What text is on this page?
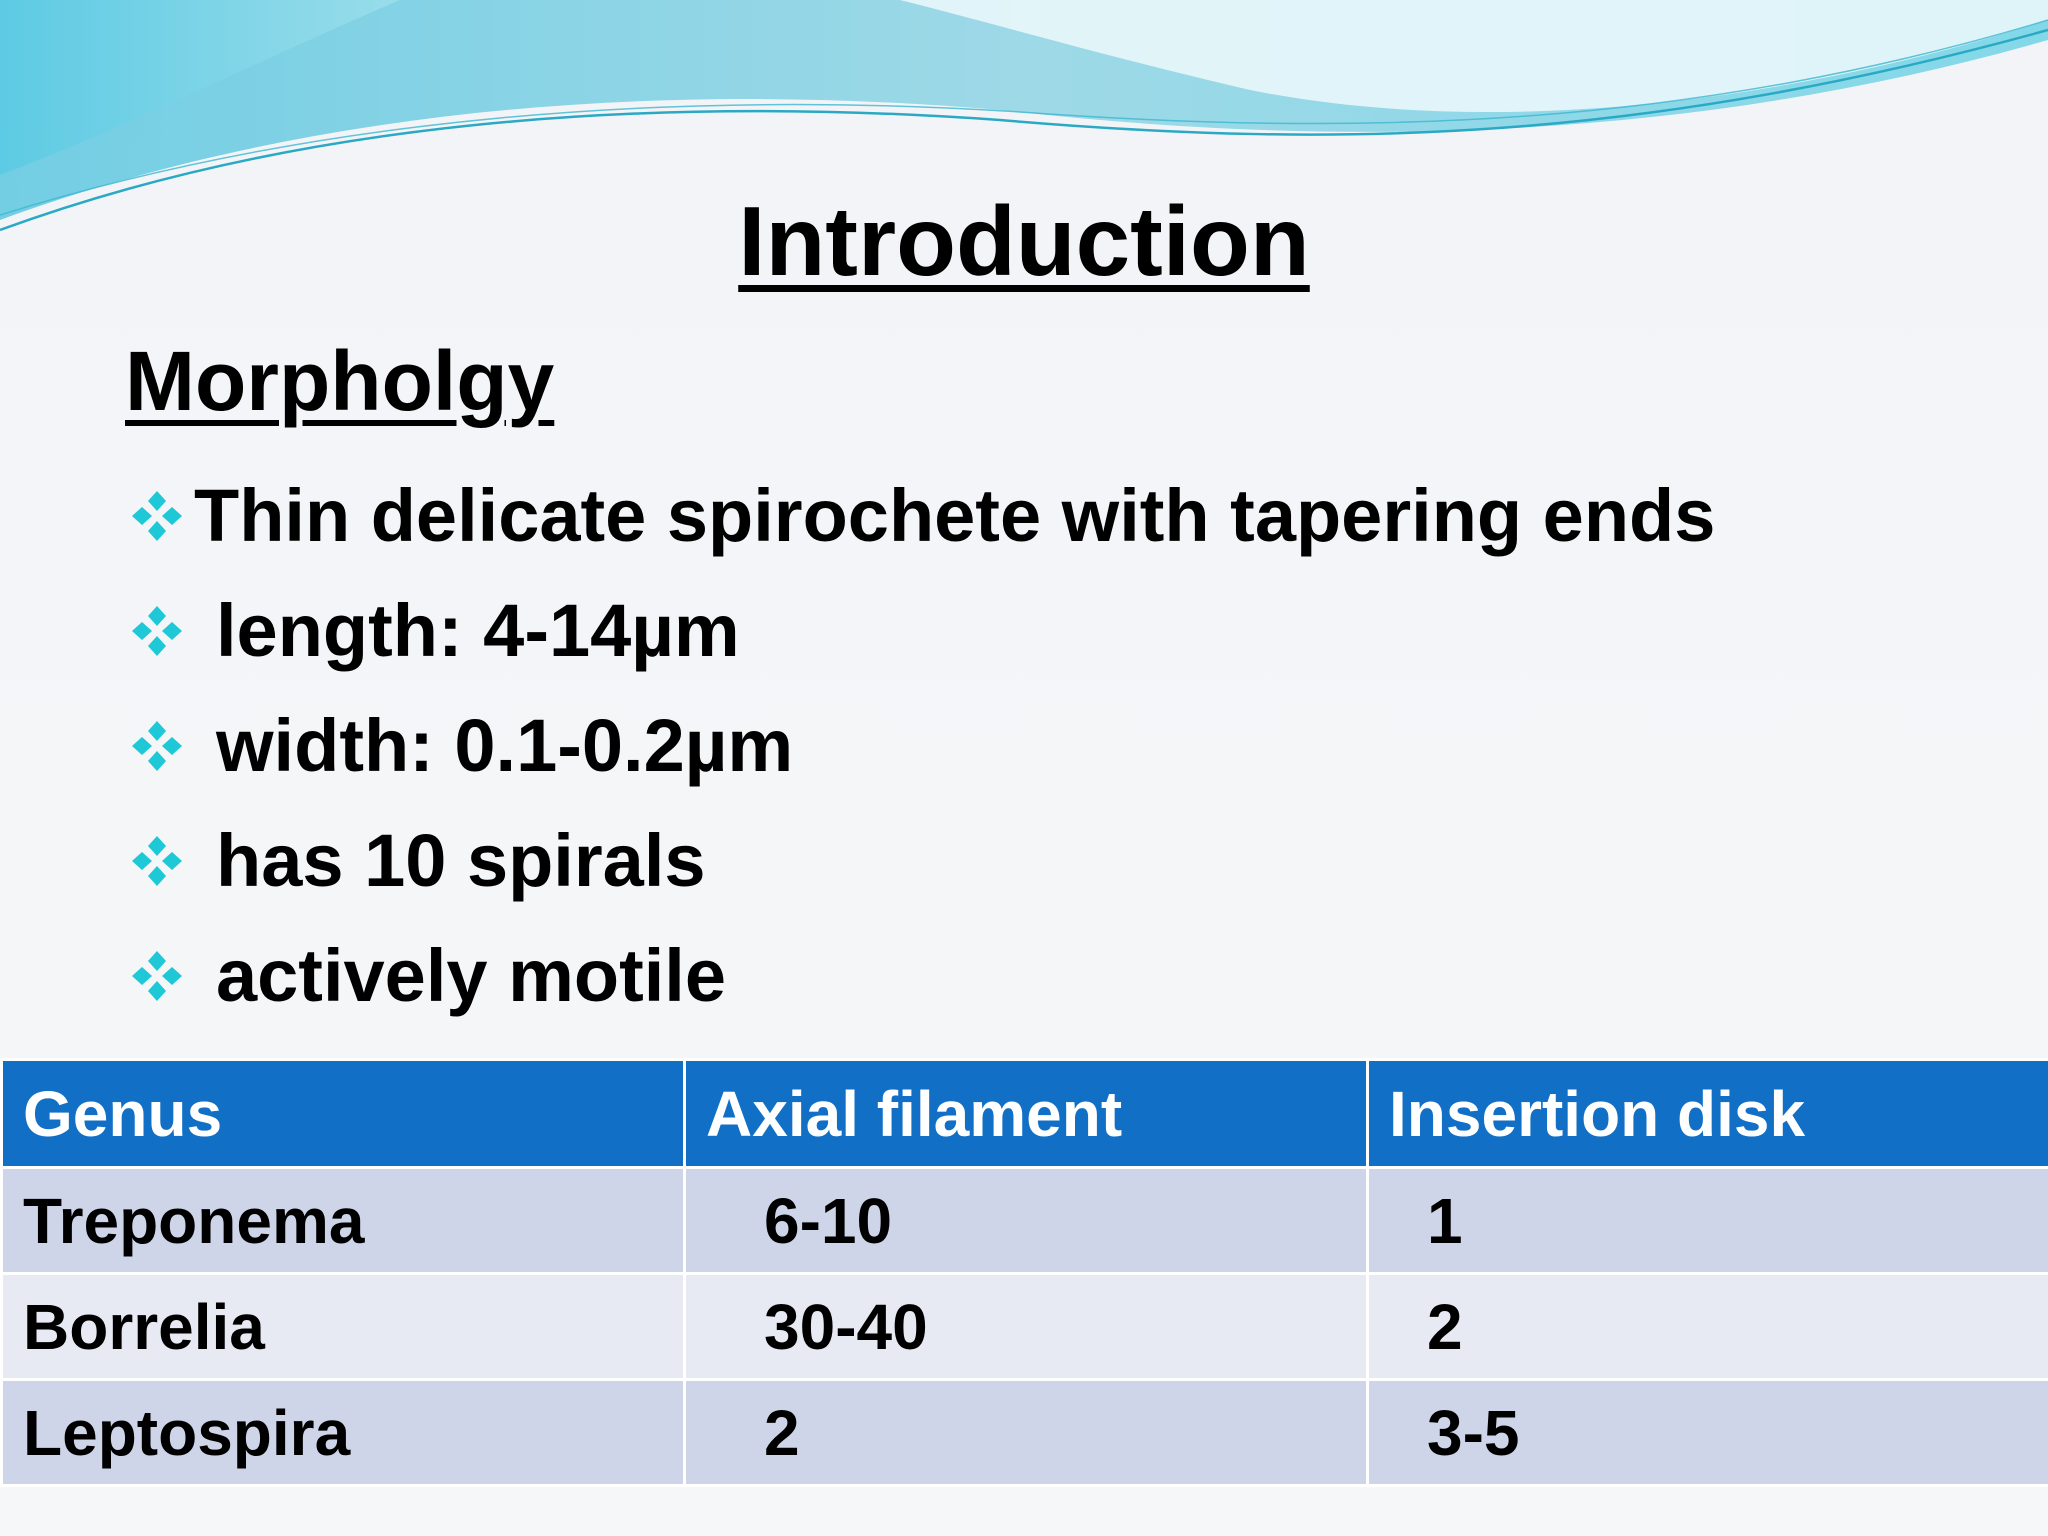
Introduction
Morpholgy
Thin delicate spirochete with tapering ends
length: 4-14µm
width: 0.1-0.2µm
has 10 spirals
actively motile
Genus	Axial filament	Insertion disk
Treponema	6-10	1
Borrelia	30-40	2
Leptospira	2	3-5
